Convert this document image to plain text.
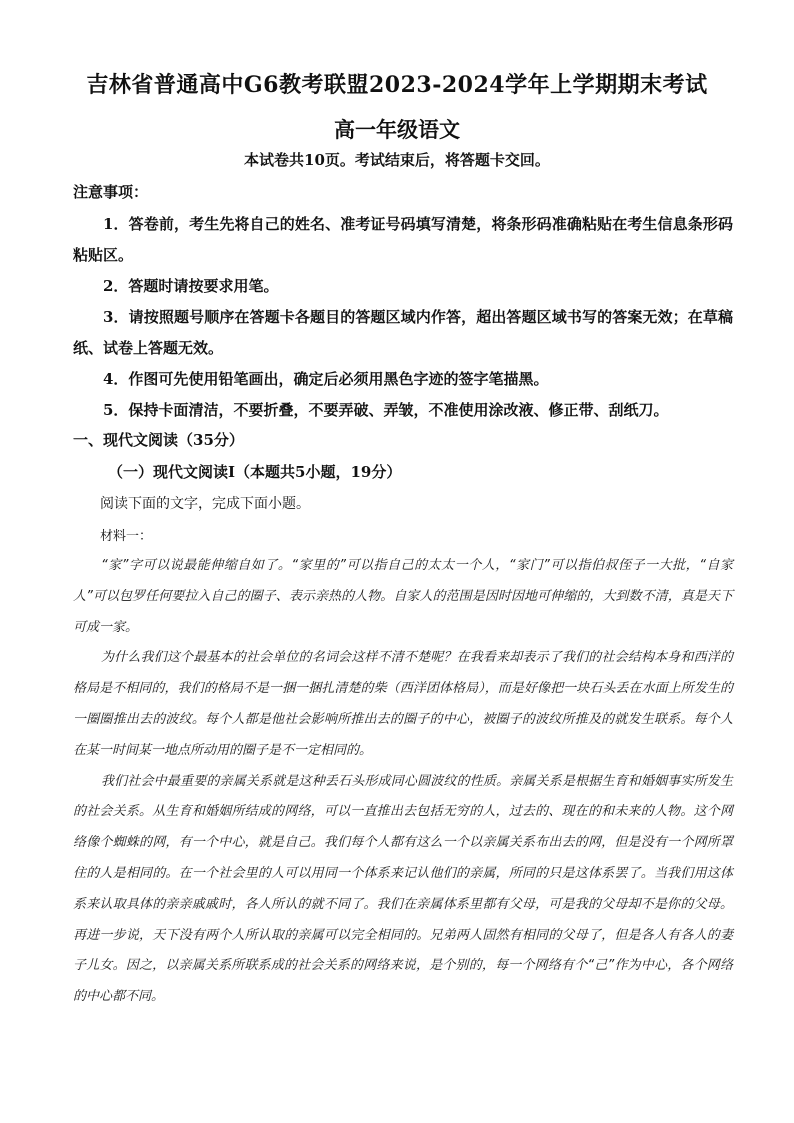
吉林省普通高中G6教考联盟2023-2024学年上学期期末考试
高一年级语文
本试卷共10页。考试结束后，将答题卡交回。
注意事项：

1．答卷前，考生先将自己的姓名、准考证号码填写清楚，将条形码准确粘贴在考生信息条形码粘贴区。

2．答题时请按要求用笔。

3．请按照题号顺序在答题卡各题目的答题区域内作答，超出答题区域书写的答案无效；在草稿纸、试卷上答题无效。

4．作图可先使用铅笔画出，确定后必须用黑色字迹的签字笔描黑。

5．保持卡面清洁，不要折叠，不要弄破、弄皱，不准使用涂改液、修正带、刮纸刀。

一、现代文阅读（35分）
（一）现代文阅读Ⅰ（本题共5小题，19分）
阅读下面的文字，完成下面小题。
材料一：

“家”字可以说最能伸缩自如了。“家里的”可以指自己的太太一个人，“家门”可以指伯叔侄子一大批，“自家人”可以包罗任何要拉入自己的圈子、表示亲热的人物。自家人的范围是因时因地可伸缩的，大到数不清，真是天下可成一家。

为什么我们这个最基本的社会单位的名词会这样不清不楚呢？在我看来却表示了我们的社会结构本身和西洋的格局是不相同的，我们的格局不是一捆一捆扎清楚的柴（西洋团体格局），而是好像把一块石头丢在水面上所发生的一圈圈推出去的波纹。每个人都是他社会影响所推出去的圈子的中心，被圈子的波纹所推及的就发生联系。每个人在某一时间某一地点所动用的圈子是不一定相同的。

我们社会中最重要的亲属关系就是这种丢石头形成同心圆波纹的性质。亲属关系是根据生育和婚姻事实所发生的社会关系。从生育和婚姻所结成的网络，可以一直推出去包括无穷的人，过去的、现在的和未来的人物。这个网络像个蜘蛛的网，有一个中心，就是自己。我们每个人都有这么一个以亲属关系布出去的网，但是没有一个网所罩住的人是相同的。在一个社会里的人可以用同一个体系来记认他们的亲属，所同的只是这体系罢了。当我们用这体系来认取具体的亲亲戚戚时，各人所认的就不同了。我们在亲属体系里都有父母，可是我的父母却不是你的父母。再进一步说，天下没有两个人所认取的亲属可以完全相同的。兄弟两人固然有相同的父母了，但是各人有各人的妻子儿女。因之，以亲属关系所联系成的社会关系的网络来说，是个别的，每一个网络有个“己”作为中心，各个网络的中心都不同。
